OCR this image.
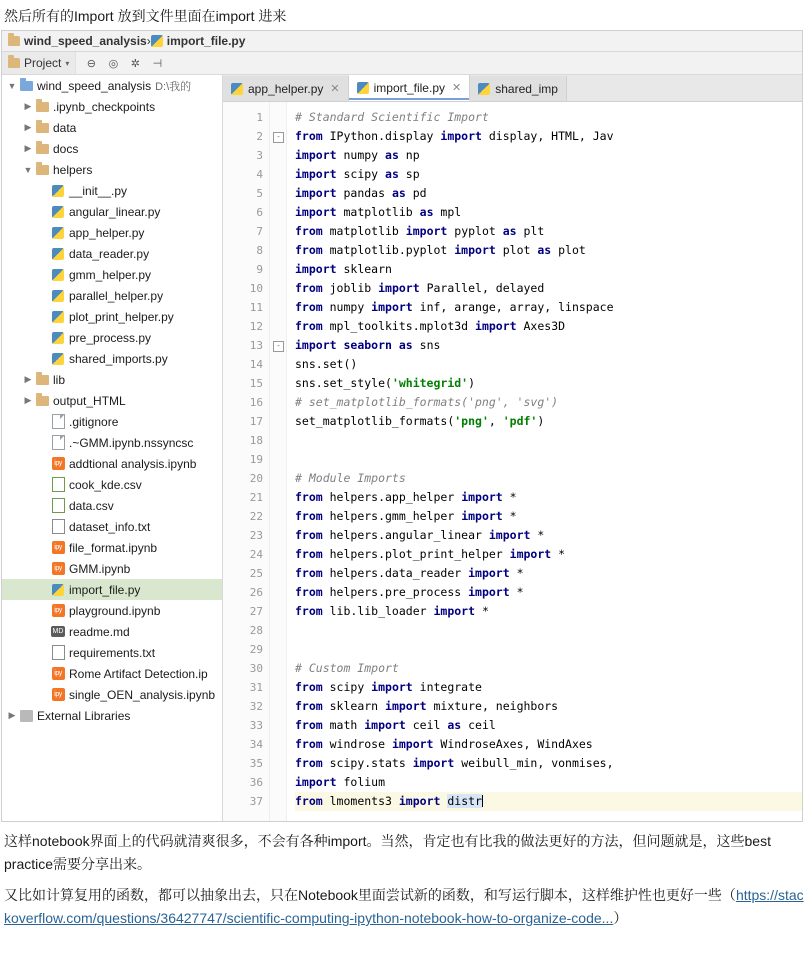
然后所有的Import 放到文件里面在import 进来
wind_speed_analysis › import_file.py
Project ▾ ⊖ ◎ ✲ ⊣
▼ wind_speed_analysis D:\我的
▶ .ipynb_checkpoints
▶ data
▶ docs
▼ helpers
__init__.py
angular_linear.py
app_helper.py
data_reader.py
gmm_helper.py
parallel_helper.py
plot_print_helper.py
pre_process.py
shared_imports.py
▶ lib
▶ output_HTML
.gitignore
.~GMM.ipynb.nssyncsc
ipy addtional analysis.ipynb
cook_kde.csv
data.csv
dataset_info.txt
ipy file_format.ipynb
ipy GMM.ipynb
import_file.py
ipy playground.ipynb
MD readme.md
requirements.txt
ipy Rome Artifact Detection.ip
ipy single_OEN_analysis.ipynb
▶ External Libraries
app_helper.py ✕	import_file.py ✕	shared_imp
1
2
3
4
5
6
7
8
9
10
11
12
13
14
15
16
17
18
19
20
21
22
23
24
25
26
27
28
29
30
31
32
33
34
35
36
37
-
-
# Standard Scientific Import
from IPython.display import display, HTML, Jav
import numpy as np
import scipy as sp
import pandas as pd
import matplotlib as mpl
from matplotlib import pyplot as plt
from matplotlib.pyplot import plot as plot
import sklearn
from joblib import Parallel, delayed
from numpy import inf, arange, array, linspace
from mpl_toolkits.mplot3d import Axes3D
import seaborn as sns
sns.set()
sns.set_style('whitegrid')
# set_matplotlib_formats('png', 'svg')
set_matplotlib_formats('png', 'pdf')
# Module Imports
from helpers.app_helper import *
from helpers.gmm_helper import *
from helpers.angular_linear import *
from helpers.plot_print_helper import *
from helpers.data_reader import *
from helpers.pre_process import *
from lib.lib_loader import *
# Custom Import
from scipy import integrate
from sklearn import mixture, neighbors
from math import ceil as ceil
from windrose import WindroseAxes, WindAxes
from scipy.stats import weibull_min, vonmises,
import folium
from lmoments3 import distr
这样notebook界面上的代码就清爽很多，不会有各种import。当然，肯定也有比我的做法更好的方法，但问题就是，这些best practice需要分享出来。
又比如计算复用的函数，都可以抽象出去，只在Notebook里面尝试新的函数，和写运行脚本，这样维护性也更好一些（https://stackoverflow.com/questions/36427747/scientific-computing-ipython-notebook-how-to-organize-code...）
